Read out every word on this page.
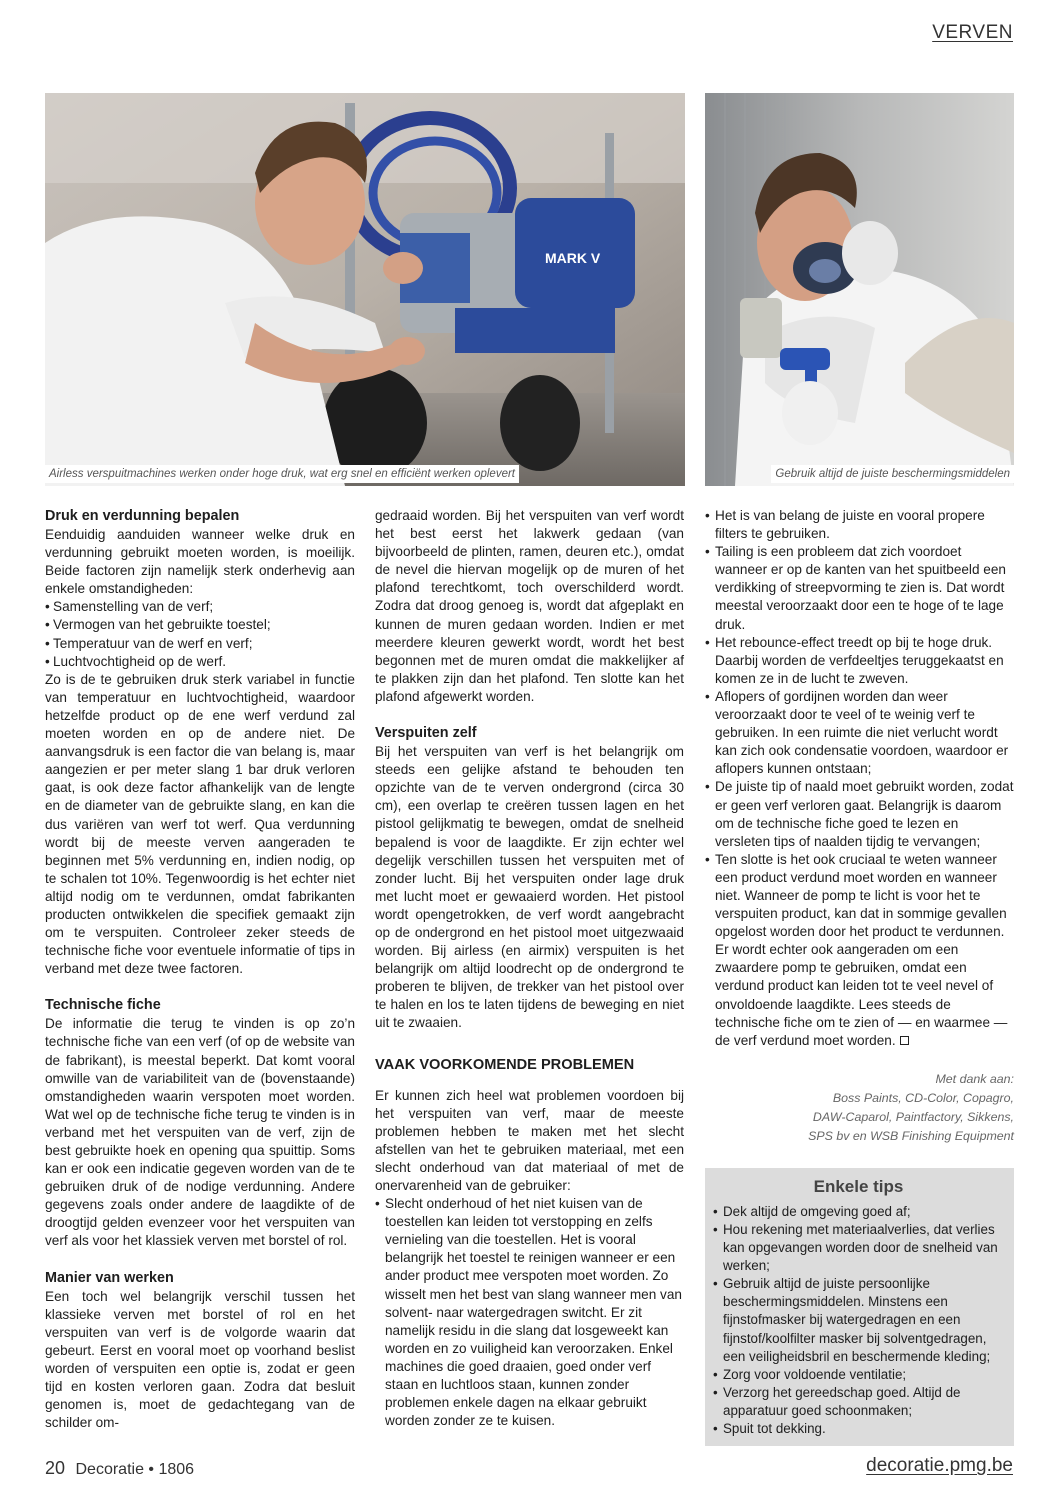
VERVEN
MARK V
Airless verspuitmachines werken onder hoge druk, wat erg snel en efficiënt werken oplevert	Gebruik altijd de juiste beschermingsmiddelen
Druk en verdunning bepalen

Eenduidig aanduiden wanneer welke druk en verdunning gebruikt moeten worden, is moeilijk. Beide factoren zijn namelijk sterk onderhevig aan enkele omstandigheden:

• Samenstelling van de verf;
• Vermogen van het gebruikte toestel;
• Temperatuur van de werf en verf;
• Luchtvochtigheid op de werf.

Zo is de te gebruiken druk sterk variabel in functie van temperatuur en luchtvochtigheid, waardoor hetzelfde product op de ene werf verdund zal moeten worden en op de andere niet. De aanvangsdruk is een factor die van belang is, maar aangezien er per meter slang 1 bar druk verloren gaat, is ook deze factor afhankelijk van de lengte en de diameter van de gebruikte slang, en kan die dus variëren van werf tot werf. Qua verdunning wordt bij de meeste verven aangeraden te beginnen met 5% verdunning en, indien nodig, op te schalen tot 10%. Tegenwoordig is het echter niet altijd nodig om te verdunnen, omdat fabrikanten producten ontwikkelen die specifiek gemaakt zijn om te verspuiten. Controleer zeker steeds de technische fiche voor eventuele informatie of tips in verband met deze twee factoren.

Technische fiche

De informatie die terug te vinden is op zo’n technische fiche van een verf (of op de website van de fabrikant), is meestal beperkt. Dat komt vooral omwille van de variabiliteit van de (bovenstaande) omstandigheden waarin verspoten moet worden. Wat wel op de technische fiche terug te vinden is in verband met het verspuiten van de verf, zijn de best gebruikte hoek en opening qua spuittip. Soms kan er ook een indicatie gegeven worden van de te gebruiken druk of de nodige verdunning. Andere gegevens zoals onder andere de laagdikte of de droogtijd gelden evenzeer voor het verspuiten van verf als voor het klassiek verven met borstel of rol.

Manier van werken

Een toch wel belangrijk verschil tussen het klassieke verven met borstel of rol en het verspuiten van verf is de volgorde waarin dat gebeurt. Eerst en vooral moet op voorhand beslist worden of verspuiten een optie is, zodat er geen tijd en kosten verloren gaan. Zodra dat besluit genomen is, moet de gedachtegang van de schilder om-

gedraaid worden. Bij het verspuiten van verf wordt het best eerst het lakwerk gedaan (van bijvoorbeeld de plinten, ramen, deuren etc.), omdat de nevel die hiervan mogelijk op de muren of het plafond terechtkomt, toch overschilderd wordt. Zodra dat droog genoeg is, wordt dat afgeplakt en kunnen de muren gedaan worden. Indien er met meerdere kleuren gewerkt wordt, wordt het best begonnen met de muren omdat die makkelijker af te plakken zijn dan het plafond. Ten slotte kan het plafond afgewerkt worden.

Verspuiten zelf

Bij het verspuiten van verf is het belangrijk om steeds een gelijke afstand te behouden ten opzichte van de te verven ondergrond (circa 30 cm), een overlap te creëren tussen lagen en het pistool gelijkmatig te bewegen, omdat de snelheid bepalend is voor de laagdikte. Er zijn echter wel degelijk verschillen tussen het verspuiten met of zonder lucht. Bij het verspuiten onder lage druk met lucht moet er gewaaierd worden. Het pistool wordt opengetrokken, de verf wordt aangebracht op de ondergrond en het pistool moet uitgezwaaid worden. Bij airless (en airmix) verspuiten is het belangrijk om altijd loodrecht op de ondergrond te proberen te blijven, de trekker van het pistool over te halen en los te laten tijdens de beweging en niet uit te zwaaien.

VAAK VOORKOMENDE PROBLEMEN

Er kunnen zich heel wat problemen voordoen bij het verspuiten van verf, maar de meeste problemen hebben te maken met het slecht afstellen van het te gebruiken materiaal, met een slecht onderhoud van dat materiaal of met de onervarenheid van de gebruiker:

• Slecht onderhoud of het niet kuisen van de toestellen kan leiden tot verstopping en zelfs vernieling van die toestellen. Het is vooral belangrijk het toestel te reinigen wanneer er een ander product mee verspoten moet worden. Zo wisselt men het best van slang wanneer men van solvent- naar watergedragen switcht. Er zit namelijk residu in die slang dat losgeweekt kan worden en zo vuiligheid kan veroorzaken. Enkel machines die goed draaien, goed onder verf staan en luchtloos staan, kunnen zonder problemen enkele dagen na elkaar gebruikt worden zonder ze te kuisen.
• Het is van belang de juiste en vooral propere filters te gebruiken.
• Tailing is een probleem dat zich voordoet wanneer er op de kanten van het spuitbeeld een verdikking of streepvorming te zien is. Dat wordt meestal veroorzaakt door een te hoge of te lage druk.
• Het rebounce-effect treedt op bij te hoge druk. Daarbij worden de verfdeeltjes teruggekaatst en komen ze in de lucht te zweven.
• Aflopers of gordijnen worden dan weer veroorzaakt door te veel of te weinig verf te gebruiken. In een ruimte die niet verlucht wordt kan zich ook condensatie voordoen, waardoor er aflopers kunnen ontstaan;
• De juiste tip of naald moet gebruikt worden, zodat er geen verf verloren gaat. Belangrijk is daarom om de technische fiche goed te lezen en versleten tips of naalden tijdig te vervangen;
• Ten slotte is het ook cruciaal te weten wanneer een product verdund moet worden en wanneer niet. Wanneer de pomp te licht is voor het te verspuiten product, kan dat in sommige gevallen opgelost worden door het product te verdunnen. Er wordt echter ook aangeraden om een zwaardere pomp te gebruiken, omdat een verdund product kan leiden tot te veel nevel of onvoldoende laagdikte. Lees steeds de technische fiche om te zien of — en waarmee — de verf verdund moet worden.
Met dank aan:
Boss Paints, CD-Color, Copagro,
DAW-Caparol, Paintfactory, Sikkens,
SPS bv en WSB Finishing Equipment
Enkele tips
• Dek altijd de omgeving goed af;
• Hou rekening met materiaalverlies, dat verlies kan opgevangen worden door de snelheid van werken;
• Gebruik altijd de juiste persoonlijke beschermingsmiddelen. Minstens een fijnstofmasker bij watergedragen en een fijnstof/koolfilter masker bij solventgedragen, een veiligheidsbril en beschermende kleding;
• Zorg voor voldoende ventilatie;
• Verzorg het gereedschap goed. Altijd de apparatuur goed schoonmaken;
• Spuit tot dekking.
20 Decoratie • 1806	decoratie.pmg.be
